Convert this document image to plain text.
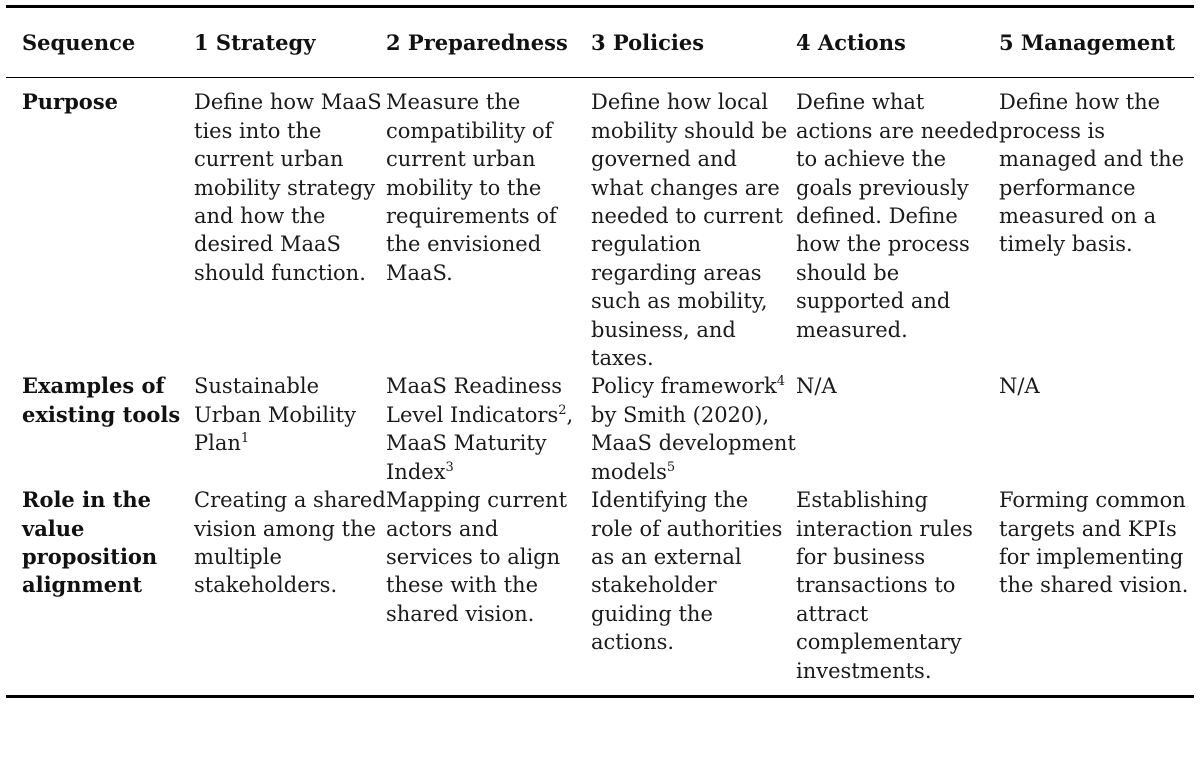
Sequence	1 Strategy	2 Preparedness	3 Policies	4 Actions	5 Management

Purpose	Define how MaaS ties into the current urban mobility strategy and how the desired MaaS should function.	Measure the compatibility of current urban mobility to the requirements of the envisioned MaaS.	Define how local mobility should be governed and what changes are needed to current regulation regarding areas such as mobility, business, and taxes.	Define what actions are needed to achieve the goals previously defined. Define how the process should be supported and measured.	Define how the process is managed and the performance measured on a timely basis.
Examples of existing tools	Sustainable Urban Mobility Plan$^1$	MaaS Readiness Level Indicators$^2$, MaaS Maturity Index$^3$	Policy framework$^4$ by Smith (2020), MaaS development models$^5$	N/A	N/A
Role in the value proposition alignment	Creating a shared vision among the multiple stakeholders.	Mapping current actors and services to align these with the shared vision.	Identifying the role of authorities as an external stakeholder guiding the actions.	Establishing interaction rules for business transactions to attract complementary investments.	Forming common targets and KPIs for implementing the shared vision.
